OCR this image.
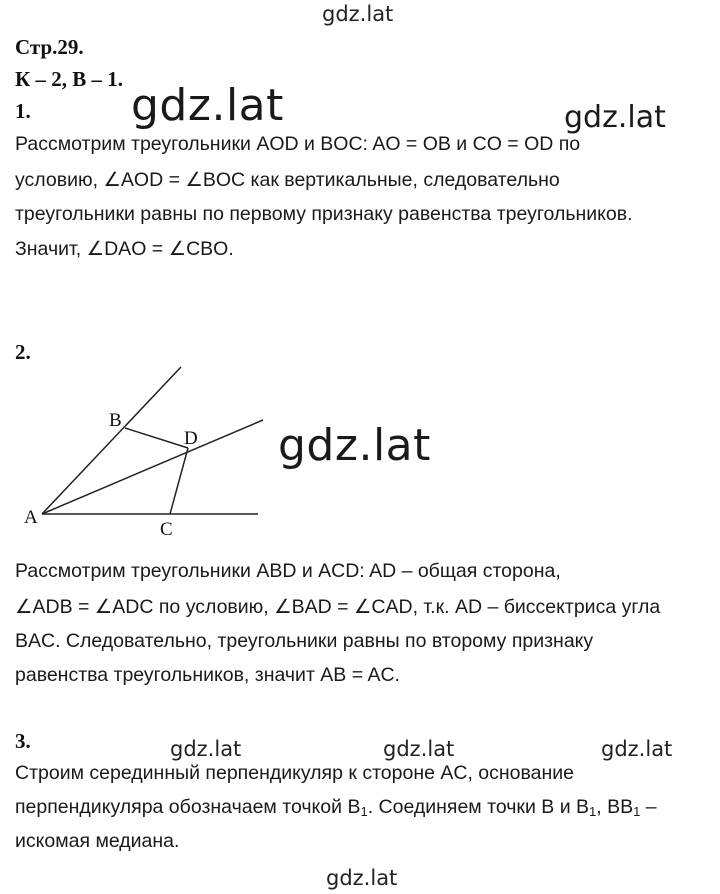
gdz.lat
gdz.lat	gdz.lat
Стр.29.
К – 2, В – 1.
1.
Рассмотрим треугольники AOD и BOC: AO = OB и CO = OD по
условию, ∠AOD = ∠BOC как вертикальные, следовательно
треугольники равны по первому признаку равенства треугольников.
Значит, ∠DAO = ∠CBO.
2.
A
B
C
D gdz.lat
Рассмотрим треугольники ABD и ACD: AD – общая сторона,
∠ADB = ∠ADC по условию, ∠BAD = ∠CAD, т.к. AD – биссектриса угла
BAC. Следовательно, треугольники равны по второму признаку
равенства треугольников, значит AB = AC.
3.	gdz.lat	gdz.lat	gdz.lat
Строим серединный перпендикуляр к стороне AC, основание
перпендикуляра обозначаем точкой $B_1$. Соединяем точки B и $B_1$, $BB_1$ –
искомая медиана.
gdz.lat
